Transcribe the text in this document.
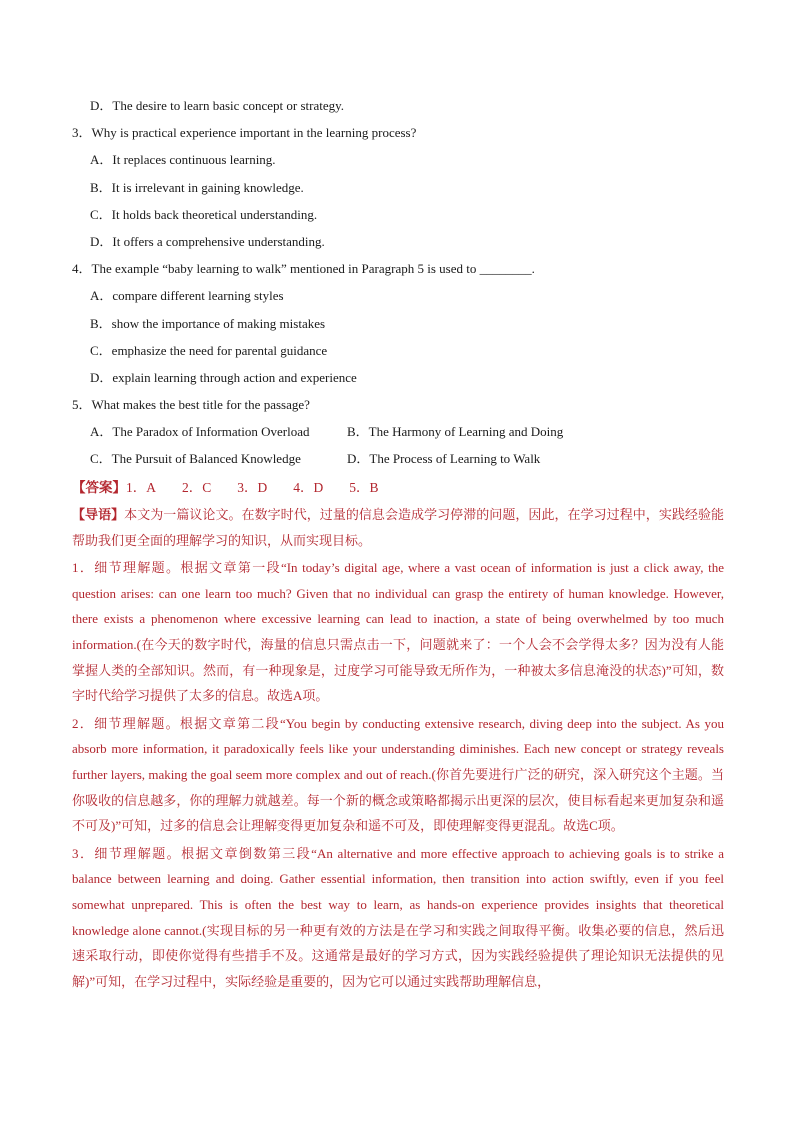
D．The desire to learn basic concept or strategy.
3．Why is practical experience important in the learning process?
A．It replaces continuous learning.
B．It is irrelevant in gaining knowledge.
C．It holds back theoretical understanding.
D．It offers a comprehensive understanding.
4．The example “baby learning to walk” mentioned in Paragraph 5 is used to ________.
A．compare different learning styles
B．show the importance of making mistakes
C．emphasize the need for parental guidance
D．explain learning through action and experience
5．What makes the best title for the passage?
A．The Paradox of Information Overload	B．The Harmony of Learning and Doing
C．The Pursuit of Balanced Knowledge	D．The Process of Learning to Walk
【答案】1．A 2．C 3．D 4．D 5．B
【导语】本文为一篇议论文。在数字时代，过量的信息会造成学习停滞的问题，因此，在学习过程中，实践经验能帮助我们更全面的理解学习的知识，从而实现目标。
1．细节理解题。根据文章第一段“In today’s digital age, where a vast ocean of information is just a click away, the question arises: can one learn too much? Given that no individual can grasp the entirety of human knowledge. However, there exists a phenomenon where excessive learning can lead to inaction, a state of being overwhelmed by too much information.(在今天的数字时代，海量的信息只需点击一下，问题就来了：一个人会不会学得太多？因为没有人能掌握人类的全部知识。然而，有一种现象是，过度学习可能导致无所作为，一种被太多信息淹没的状态)”可知，数字时代给学习提供了太多的信息。故选A项。
2．细节理解题。根据文章第二段“You begin by conducting extensive research, diving deep into the subject. As you absorb more information, it paradoxically feels like your understanding diminishes. Each new concept or strategy reveals further layers, making the goal seem more complex and out of reach.(你首先要进行广泛的研究，深入研究这个主题。当你吸收的信息越多，你的理解力就越差。每一个新的概念或策略都揭示出更深的层次，使目标看起来更加复杂和遥不可及)”可知，过多的信息会让理解变得更加复杂和遥不可及，即使理解变得更混乱。故选C项。
3．细节理解题。根据文章倒数第三段“An alternative and more effective approach to achieving goals is to strike a balance between learning and doing. Gather essential information, then transition into action swiftly, even if you feel somewhat unprepared. This is often the best way to learn, as hands-on experience provides insights that theoretical knowledge alone cannot.(实现目标的另一种更有效的方法是在学习和实践之间取得平衡。收集必要的信息，然后迅速采取行动，即使你觉得有些措手不及。这通常是最好的学习方式，因为实践经验提供了理论知识无法提供的见解)”可知，在学习过程中，实际经验是重要的，因为它可以通过实践帮助理解信息，
